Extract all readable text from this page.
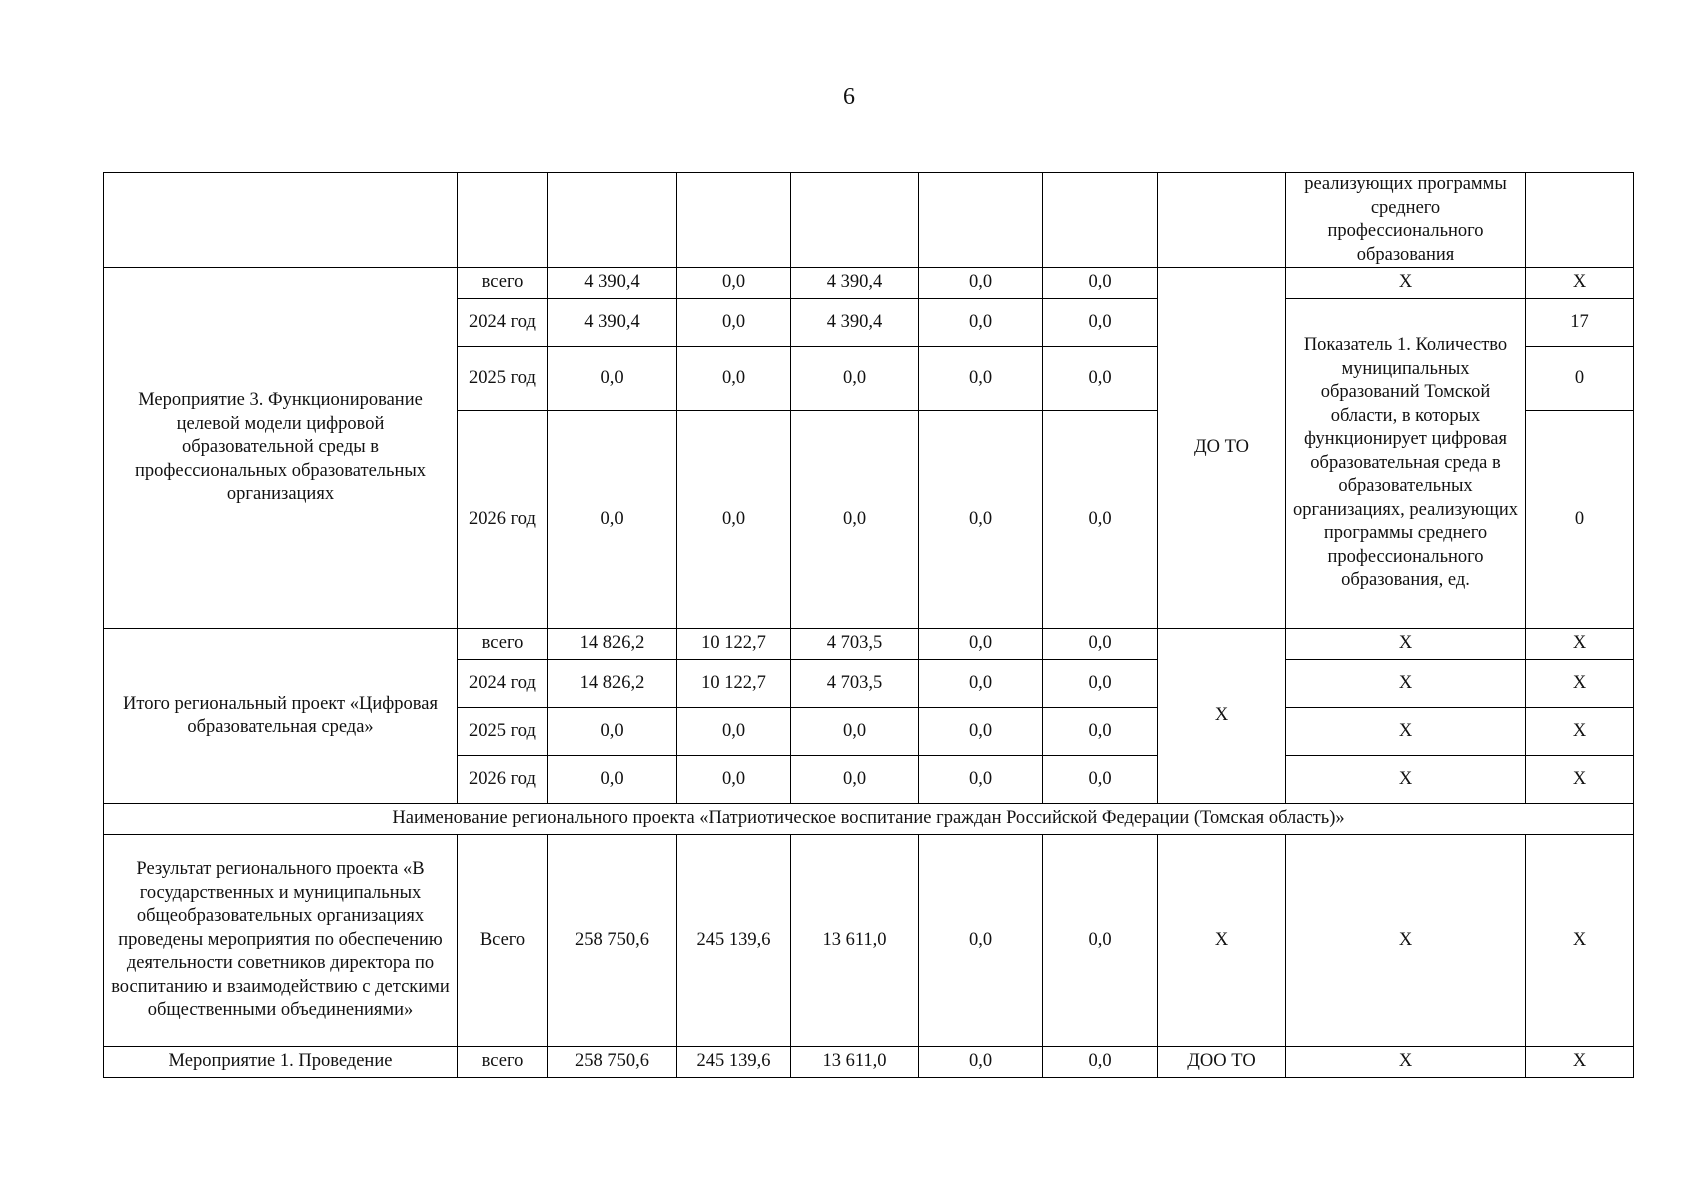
6
								реализующих программы среднего профессионального образования	
Мероприятие 3. Функционирование целевой модели цифровой образовательной среды в профессиональных образовательных организациях	всего	4 390,4	0,0	4 390,4	0,0	0,0	ДО ТО	Х	Х
	2024 год	4 390,4	0,0	4 390,4	0,0	0,0		Показатель 1. Количество муниципальных образований Томской области, в которых функционирует цифровая образовательная среда в образовательных организациях, реализующих программы среднего профессионального образования, ед.	17
	2025 год	0,0	0,0	0,0	0,0	0,0			0
	2026 год	0,0	0,0	0,0	0,0	0,0			0
Итого региональный проект «Цифровая образовательная среда»	всего	14 826,2	10 122,7	4 703,5	0,0	0,0	Х	Х	Х
	2024 год	14 826,2	10 122,7	4 703,5	0,0	0,0		Х	Х
	2025 год	0,0	0,0	0,0	0,0	0,0		Х	Х
	2026 год	0,0	0,0	0,0	0,0	0,0		Х	Х
Наименование регионального проекта «Патриотическое воспитание граждан Российской Федерации (Томская область)»									
Результат регионального проекта «В государственных и муниципальных общеобразовательных организациях проведены мероприятия по обеспечению деятельности советников директора по воспитанию и взаимодействию с детскими общественными объединениями»	Всего	258 750,6	245 139,6	13 611,0	0,0	0,0	Х	Х	Х
Мероприятие 1. Проведение	всего	258 750,6	245 139,6	13 611,0	0,0	0,0	ДОО ТО	Х	Х
